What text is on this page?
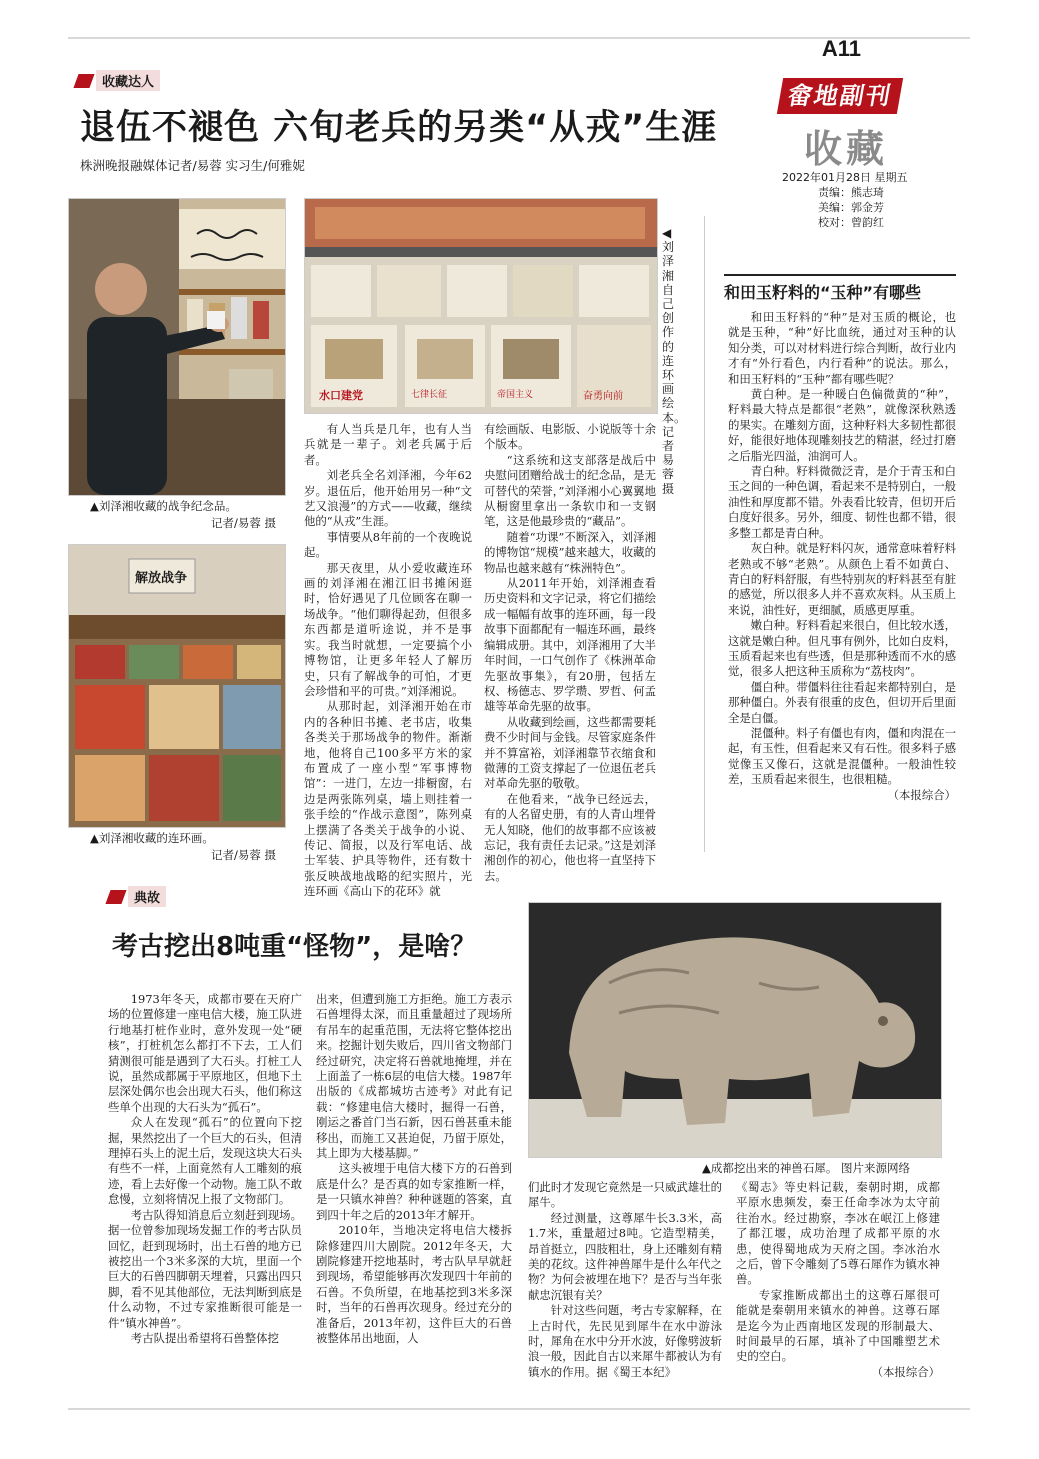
A11
畲地副刊
收藏
2022年01月28日 星期五
责编：熊志琦
美编：郭金芳
校对：曾韵红
收藏达人
退伍不褪色 六旬老兵的另类“从戎”生涯
株洲晚报融媒体记者/易蓉 实习生/何雅妮
▲刘泽湘收藏的战争纪念品。
记者/易蓉 摄
解放战争
▲刘泽湘收藏的连环画。
记者/易蓉 摄
水口建党	七律长征	帝国主义	奋勇向前
◀刘泽湘自己创作的连环画绘本。记者易蓉摄

有人当兵是几年，也有人当兵就是一辈子。刘老兵属于后者。

刘老兵全名刘泽湘，今年62岁。退伍后，他开始用另一种“文艺又浪漫”的方式——收藏，继续他的“从戎”生涯。

事情要从8年前的一个夜晚说起。

那天夜里，从小爱收藏连环画的刘泽湘在湘江旧书摊闲逛时，恰好遇见了几位顾客在聊一场战争。“他们聊得起劲，但很多东西都是道听途说，并不是事实。我当时就想，一定要搞个小博物馆，让更多年轻人了解历史，只有了解战争的可怕，才更会珍惜和平的可贵。”刘泽湘说。

从那时起，刘泽湘开始在市内的各种旧书摊、老书店，收集各类关于那场战争的物件。渐渐地，他将自己100多平方米的家布置成了一座小型“军事博物馆”：一进门，左边一排橱窗，右边是两张陈列桌，墙上则挂着一张手绘的“作战示意图”，陈列桌上摆满了各类关于战争的小说、传记、简报，以及行军电话、战士军装、护具等物件，还有数十张反映战地战略的纪实照片，光连环画《高山下的花环》就

有绘画版、电影版、小说版等十余个版本。

“这系统和这支部落是战后中央慰问团赠给战士的纪念品，是无可替代的荣誉，”刘泽湘小心翼翼地从橱窗里拿出一条软巾和一支钢笔，这是他最珍贵的“藏品”。

随着“功课”不断深入，刘泽湘的博物馆“规模”越来越大，收藏的物品也越来越有“株洲特色”。

从2011年开始，刘泽湘查看历史资料和文字记录，将它们描绘成一幅幅有故事的连环画，每一段故事下面都配有一幅连环画，最终编辑成册。其中，刘泽湘用了大半年时间，一口气创作了《株洲革命先驱故事集》，有20册，包括左权、杨德志、罗学瓒、罗哲、何孟雄等革命先驱的故事。

从收藏到绘画，这些都需要耗费不少时间与金钱。尽管家庭条件并不算富裕，刘泽湘靠节衣缩食和微薄的工资支撑起了一位退伍老兵对革命先驱的敬敬。

在他看来，“战争已经远去，有的人名留史册，有的人青山埋骨无人知晓，他们的故事都不应该被忘记，我有责任去记录。”这是刘泽湘创作的初心，他也将一直坚持下去。

和田玉籽料的“玉种”有哪些

和田玉籽料的“种”是对玉质的概论，也就是玉种，“种”好比血统，通过对玉种的认知分类，可以对材料进行综合判断，故行业内才有“外行看色，内行看种”的说法。那么，和田玉籽料的“玉种”都有哪些呢？

黄白种。是一种暖白色偏微黄的“种”，籽料最大特点是都很“老熟”，就像深秋熟透的果实。在雕刻方面，这种籽料大多韧性都很好，能很好地体现雕刻技艺的精湛，经过打磨之后脂光四溢，油润可人。

青白种。籽料微微泛青，是介于青玉和白玉之间的一种色调，看起来不是特别白，一般油性和厚度都不错。外表看比较青，但切开后白度好很多。另外，细度、韧性也都不错，很多整工都是青白种。

灰白种。就是籽料闪灰，通常意味着籽料老熟或不够“老熟”。从颜色上看不如黄白、青白的籽料舒服，有些特别灰的籽料甚至有脏的感觉，所以很多人并不喜欢灰料。从玉质上来说，油性好，更细腻，质感更厚重。

嫩白种。籽料看起来很白，但比较水透，这就是嫩白种。但凡事有例外，比如白皮料，玉质看起来也有些透，但是那种透而不水的感觉，很多人把这种玉质称为“荔枝肉”。

僵白种。带僵料往往看起来都特别白，是那种僵白。外表有很重的皮色，但切开后里面全是白僵。

混僵种。料子有僵也有肉，僵和肉混在一起，有玉性，但看起来又有石性。很多料子感觉像玉又像石，这就是混僵种。一般油性较差，玉质看起来很生，也很粗糙。

（本报综合）

典故
考古挖出8吨重“怪物”，是啥？
▲成都挖出来的神兽石犀。 图片来源网络

1973年冬天，成都市要在天府广场的位置修建一座电信大楼，施工队进行地基打桩作业时，意外发现一处“硬核”，打桩机怎么都打不下去，工人们猜测很可能是遇到了大石头。打桩工人说，虽然成都属于平原地区，但地下土层深处偶尔也会出现大石头，他们称这些单个出现的大石头为“孤石”。

众人在发现“孤石”的位置向下挖掘，果然挖出了一个巨大的石头，但清理掉石头上的泥土后，发现这块大石头有些不一样，上面竟然有人工雕刻的痕迹，看上去好像一个动物。施工队不敢怠慢，立刻将情况上报了文物部门。

考古队得知消息后立刻赶到现场。据一位曾参加现场发掘工作的考古队员回忆，赶到现场时，出土石兽的地方已被挖出一个3米多深的大坑，里面一个巨大的石兽四脚朝天埋着，只露出四只脚，看不见其他部位，无法判断到底是什么动物，不过专家推断很可能是一件“镇水神兽”。

考古队提出希望将石兽整体挖

出来，但遭到施工方拒绝。施工方表示石兽埋得太深，而且重量超过了现场所有吊车的起重范围，无法将它整体挖出来。挖掘计划失败后，四川省文物部门经过研究，决定将石兽就地掩埋，并在上面盖了一栋6层的电信大楼。1987年出版的《成都城坊古迹考》对此有记载：“修建电信大楼时，掘得一石兽，刚运之番首门当石新，因石兽甚重未能移出，而施工又甚迫促，乃留于原处，其上即为大楼基脚。”

这头被埋于电信大楼下方的石兽到底是什么？是否真的如专家推断一样，是一只镇水神兽？种种谜题的答案，直到四十年之后的2013年才解开。

2010年，当地决定将电信大楼拆除修建四川大剧院。2012年冬天，大剧院修建开挖地基时，考古队早早就赶到现场，希望能够再次发现四十年前的石兽。不负所望，在地基挖到3米多深时，当年的石兽再次现身。经过充分的准备后，2013年初，这件巨大的石兽被整体吊出地面，人

们此时才发现它竟然是一只威武雄壮的犀牛。

经过测量，这尊犀牛长3.3米，高1.7米，重量超过8吨。它造型精美，昂首挺立，四肢粗壮，身上还雕刻有精美的花纹。这件神兽犀牛是什么年代之物？为何会被埋在地下？是否与当年张献忠沉银有关？

针对这些问题，考古专家解释，在上古时代，先民见到犀牛在水中游泳时，犀角在水中分开水波，好像劈波斩浪一般，因此自古以来犀牛都被认为有镇水的作用。据《蜀王本纪》

《蜀志》等史料记载，秦朝时期，成都平原水患频发，秦王任命李冰为太守前往治水。经过勘察，李冰在岷江上修建了都江堰，成功治理了成都平原的水患，使得蜀地成为天府之国。李冰治水之后，曾下令雕刻了5尊石犀作为镇水神兽。

专家推断成都出土的这尊石犀很可能就是秦朝用来镇水的神兽。这尊石犀是迄今为止西南地区发现的形制最大、时间最早的石犀，填补了中国雕塑艺术史的空白。

（本报综合）
